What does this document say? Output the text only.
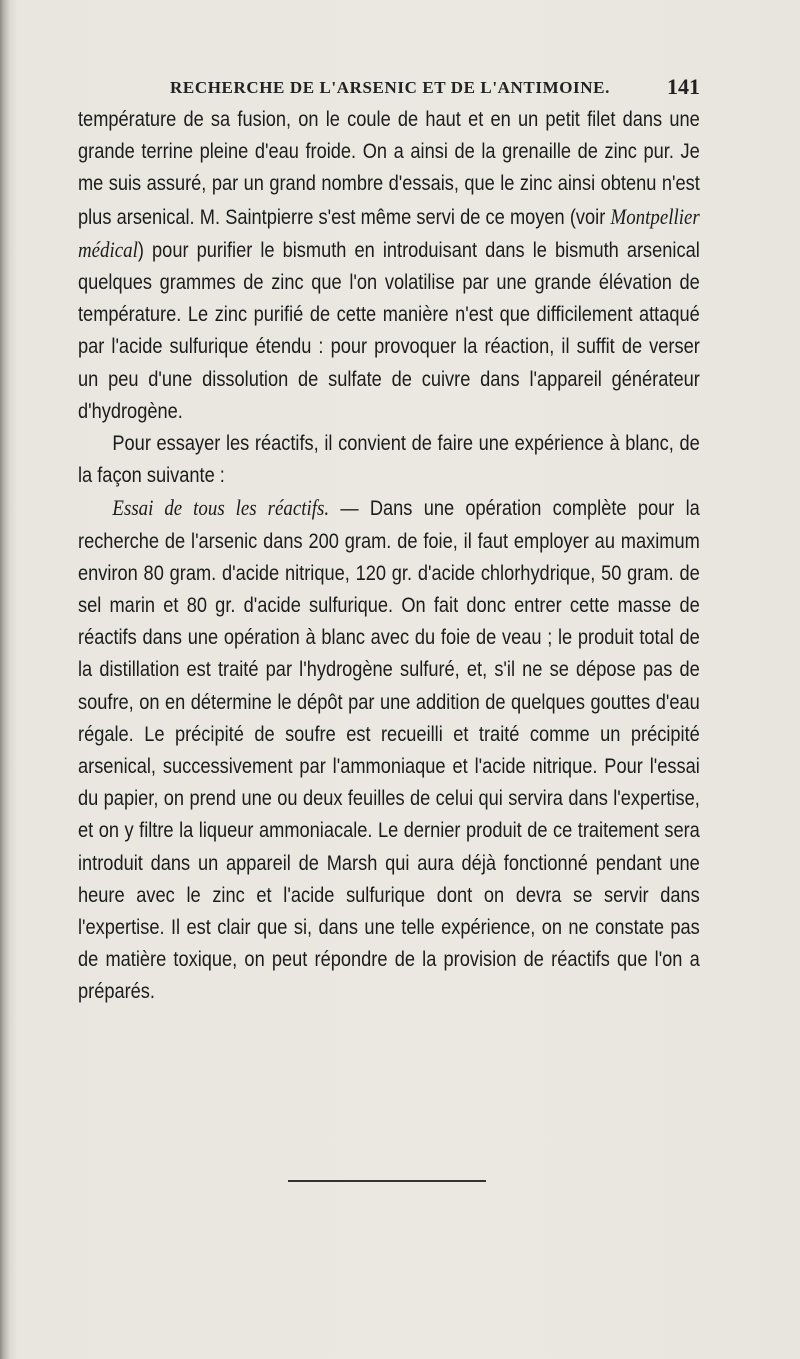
RECHERCHE DE L'ARSENIC ET DE L'ANTIMOINE.	141

température de sa fusion, on le coule de haut et en un petit filet dans une grande terrine pleine d'eau froide. On a ainsi de la grenaille de zinc pur. Je me suis assuré, par un grand nombre d'essais, que le zinc ainsi obtenu n'est plus arsenical. M. Saintpierre s'est même servi de ce moyen (voir Montpellier médical) pour purifier le bismuth en introduisant dans le bismuth arsenical quelques grammes de zinc que l'on volatilise par une grande élévation de température. Le zinc purifié de cette manière n'est que difficilement attaqué par l'acide sulfurique étendu : pour provoquer la réaction, il suffit de verser un peu d'une dissolution de sulfate de cuivre dans l'appareil générateur d'hydrogène.

Pour essayer les réactifs, il convient de faire une expérience à blanc, de la façon suivante :

Essai de tous les réactifs. — Dans une opération complète pour la recherche de l'arsenic dans 200 gram. de foie, il faut employer au maximum environ 80 gram. d'acide nitrique, 120 gr. d'acide chlorhydrique, 50 gram. de sel marin et 80 gr. d'acide sulfurique. On fait donc entrer cette masse de réactifs dans une opération à blanc avec du foie de veau ; le produit total de la distillation est traité par l'hydrogène sulfuré, et, s'il ne se dépose pas de soufre, on en détermine le dépôt par une addition de quelques gouttes d'eau régale. Le précipité de soufre est recueilli et traité comme un précipité arsenical, successivement par l'ammoniaque et l'acide nitrique. Pour l'essai du papier, on prend une ou deux feuilles de celui qui servira dans l'expertise, et on y filtre la liqueur ammoniacale. Le dernier produit de ce traitement sera introduit dans un appareil de Marsh qui aura déjà fonctionné pendant une heure avec le zinc et l'acide sulfurique dont on devra se servir dans l'expertise. Il est clair que si, dans une telle expérience, on ne constate pas de matière toxique, on peut répondre de la provision de réactifs que l'on a préparés.
